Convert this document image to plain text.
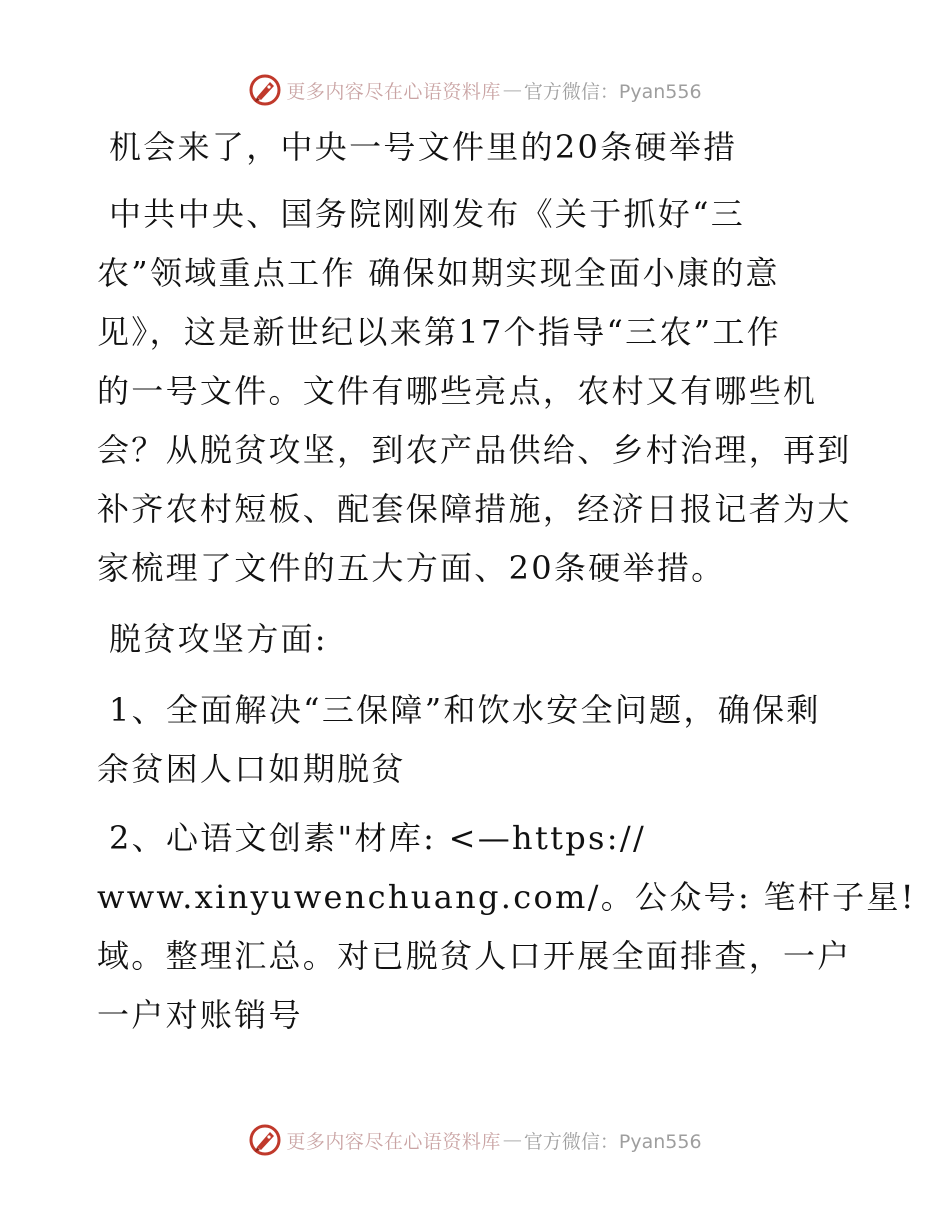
更多内容尽在心语资料库 — 官方微信：Pyan556

机会来了，中央一号文件里的20条硬举措

中共中央、国务院刚刚发布《关于抓好“三
农”领域重点工作 确保如期实现全面小康的意
见》，这是新世纪以来第17个指导“三农”工作
的一号文件。文件有哪些亮点，农村又有哪些机
会？从脱贫攻坚，到农产品供给、乡村治理，再到
补齐农村短板、配套保障措施，经济日报记者为大
家梳理了文件的五大方面、20条硬举措。

脱贫攻坚方面:

1、全面解决“三保障”和饮水安全问题，确保剩
余贫困人口如期脱贫

2、心语文创素"材库: <—https://
www.xinyuwenchuang.com/。公众号: 笔杆子星!
域。整理汇总。对已脱贫人口开展全面排查，一户
一户对账销号

更多内容尽在心语资料库 — 官方微信：Pyan556
